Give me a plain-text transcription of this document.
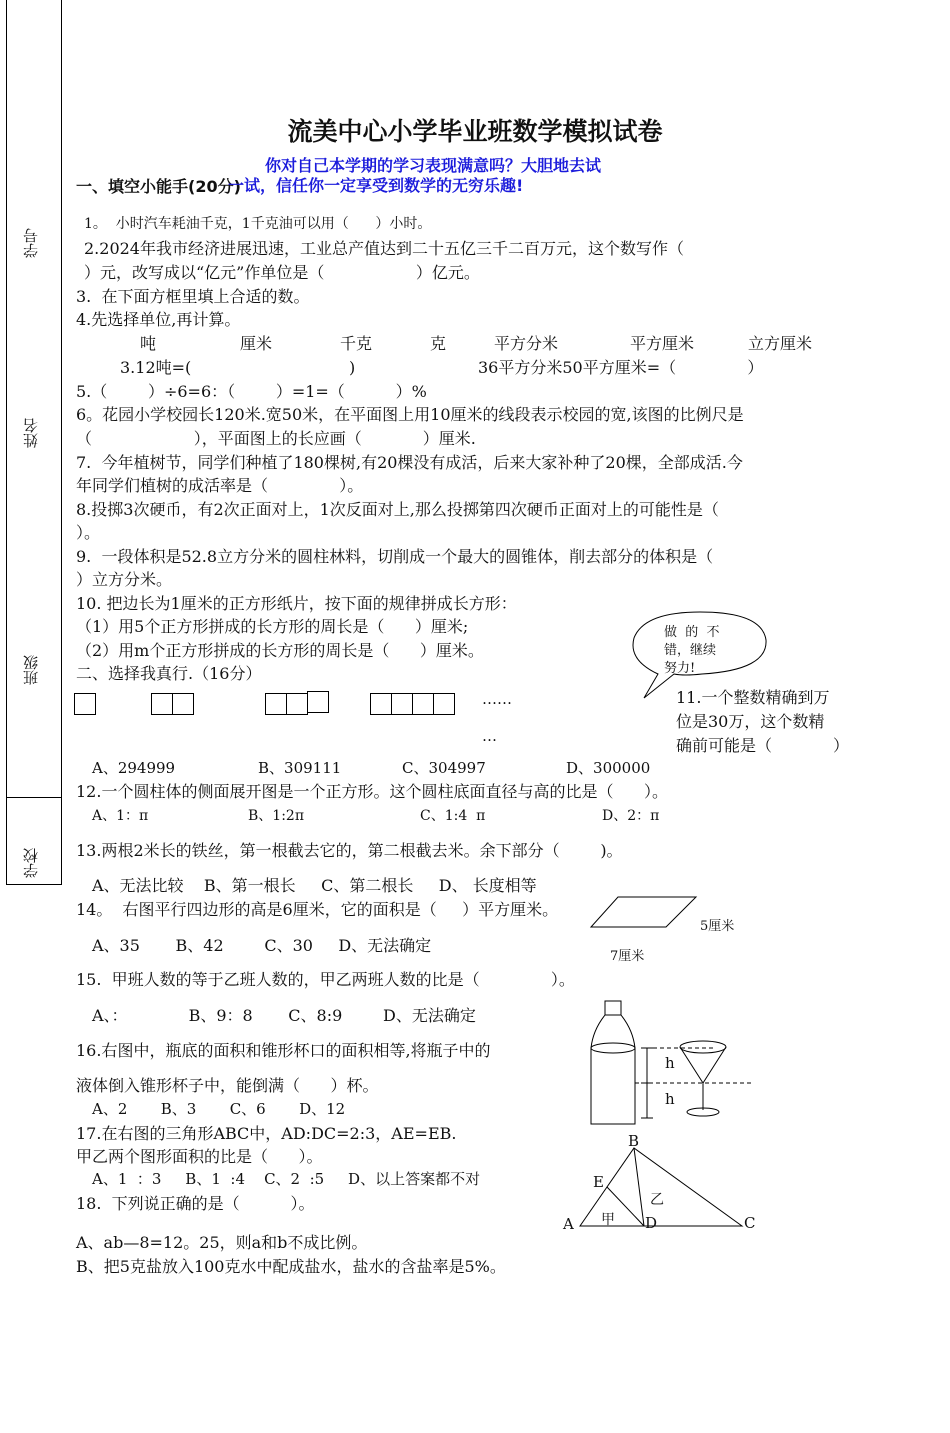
学号
姓名
班级
学校
流美中心小学毕业班数学模拟试卷
你对自己本学期的学习表现满意吗？大胆地去试
一、填空小能手(20分)
一试，信任你一定享受到数学的无穷乐趣!
1。  小时汽车耗油千克，1千克油可以用（      ）小时。
2.2024年我市经济进展迅速，工业总产值达到二十五亿三千二百万元，这个数写作（
）元，改写成以“亿元”作单位是（                  ）亿元。
3.  在下面方框里填上合适的数。
4.先选择单位,再计算。
吨	厘米	千克	克	平方分米	平方厘米	立方厘米
3.12吨=(                               )	36平方分米50平方厘米=（              ）
5.（        ）÷6=6：（        ）=1=（          ）%
6。花园小学校园长120米.宽50米，在平面图上用10厘米的线段表示校园的宽,该图的比例尺是
（                    ），平面图上的长应画（            ）厘米.
7.  今年植树节，同学们种植了180棵树,有20棵没有成活，后来大家补种了20棵，全部成活.今
年同学们植树的成活率是（              ）。
8.投掷3次硬币，有2次正面对上，1次反面对上,那么投掷第四次硬币正面对上的可能性是（
）。
9.  一段体积是52.8立方分米的圆柱林料，切削成一个最大的圆锥体，削去部分的体积是（
）立方分米。
10. 把边长为1厘米的正方形纸片，按下面的规律拼成长方形：
（1）用5个正方形拼成的长方形的周长是（      ）厘米;
（2）用m个正方形拼成的长方形的周长是（      ）厘米。
做  的  不
错，继续
努力!
二、选择我真行.（16分）
……
…
11.一个整数精确到万
位是30万，这个数精
确前可能是（            ）
A、294999	B、309111	C、304997	D、300000
12.一个圆柱体的侧面展开图是一个正方形。这个圆柱底面直径与高的比是（      ）。
A、1：π	B、1:2π	C、1:4  π	D、2：π
13.两根2米长的铁丝，第一根截去它的，第二根截去米。余下部分（        )。
A、无法比较    B、第一根长     C、第二根长     D、 长度相等
14。  右图平行四边形的高是6厘米，它的面积是（     ）平方厘米。
5厘米
7厘米
A、35       B、42        C、30     D、无法确定
15.  甲班人数的等于乙班人数的，甲乙两班人数的比是（              ）。
A、：            B、9：8       C、8:9        D、无法确定
16.右图中，瓶底的面积和锥形杯口的面积相等,将瓶子中的
液体倒入锥形杯子中，能倒满（      ）杯。
A、2       B、3       C、6       D、12
h
h
17.在右图的三角形ABC中，AD:DC=2:3，AE=EB.
甲乙两个图形面积的比是（      ）。
A、1  ：3     B、1  :4    C、2  :5     D、以上答案都不对
18.  下列说正确的是（          ）。
B
E
A	D	C
甲
乙
A、ab—8=12。25，则a和b不成比例。
B、把5克盐放入100克水中配成盐水，盐水的含盐率是5%。
